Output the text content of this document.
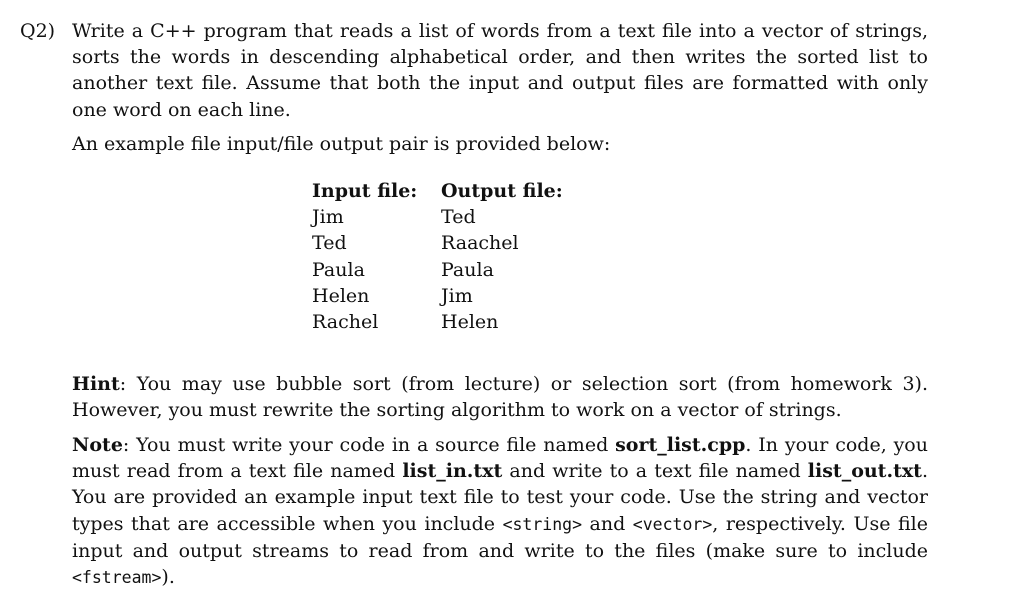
Q2) Write a C++ program that reads a list of words from a text file into a vector of strings, sorts the words in descending alphabetical order, and then writes the sorted list to another text file. Assume that both the input and output files are formatted with only one word on each line.
An example file input/file output pair is provided below:
Input file:	Output file:
Jim	Ted
Ted	Raachel
Paula	Paula
Helen	Jim
Rachel	Helen
Hint: You may use bubble sort (from lecture) or selection sort (from homework 3). However, you must rewrite the sorting algorithm to work on a vector of strings.
Note: You must write your code in a source file named sort_list.cpp. In your code, you must read from a text file named list_in.txt and write to a text file named list_out.txt. You are provided an example input text file to test your code. Use the string and vector types that are accessible when you include <string> and <vector>, respectively. Use file input and output streams to read from and write to the files (make sure to include <fstream>).
